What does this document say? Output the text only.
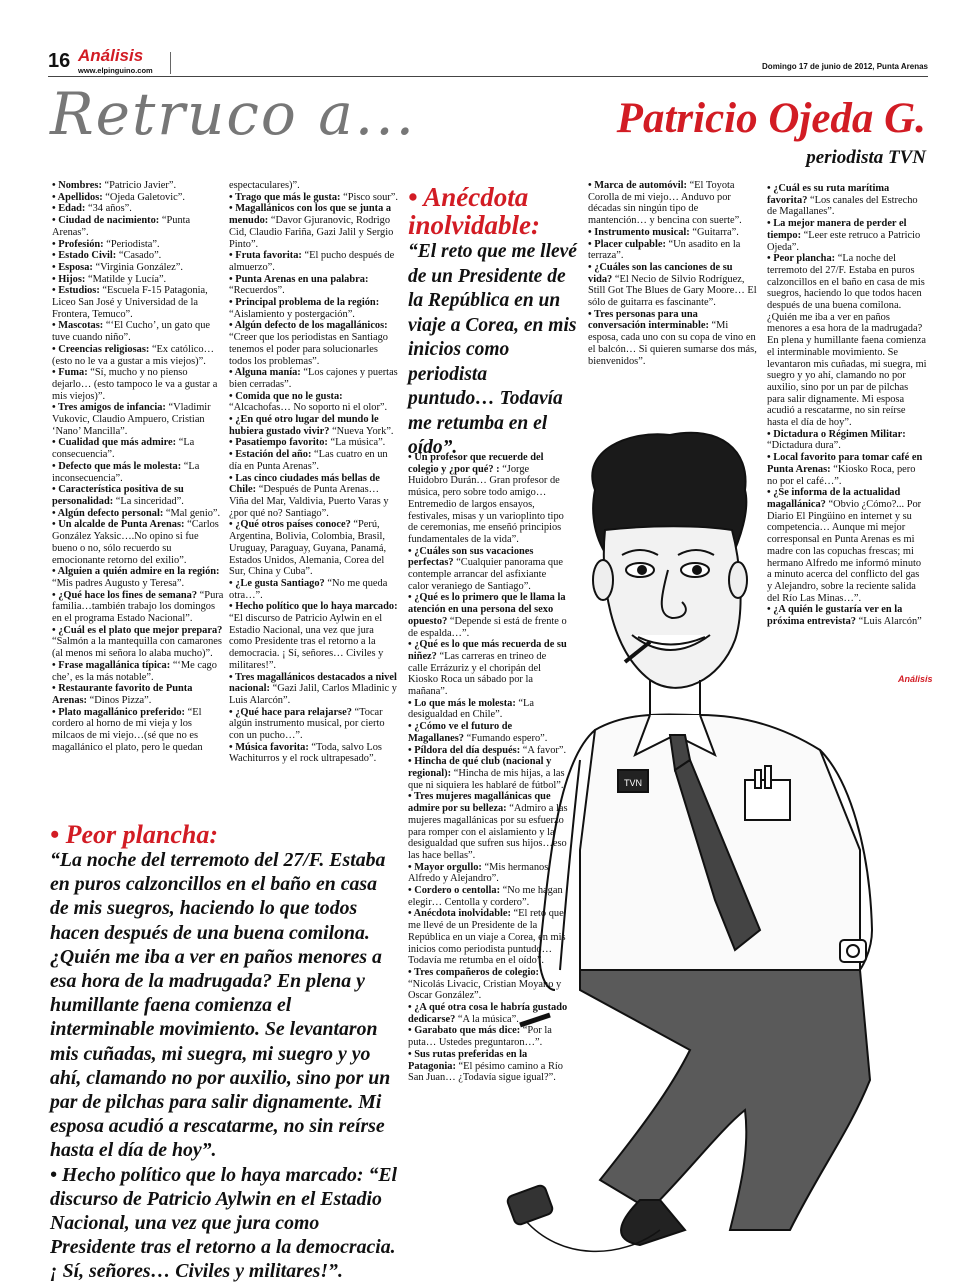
16 Análisis
www.elpinguino.com	Domingo 17 de junio de 2012, Punta Arenas
Retruco a...	Patricio Ojeda G.
periodista TVN

• Nombres: “Patricio Javier”.

• Apellidos: “Ojeda Galetovic”.

• Edad: “34 años”.

• Ciudad de nacimiento: “Punta Arenas”.

• Profesión: “Periodista”.

• Estado Civil: “Casado”.

• Esposa: “Virginia González”.

• Hijos: “Matilde y Lucía”.

• Estudios: “Escuela F-15 Patagonia, Liceo San José y Universidad de la Frontera, Temuco”.

• Mascotas: “‘El Cucho’, un gato que tuve cuando niño”.

• Creencias religiosas: “Ex católico… (esto no le va a gustar a mis viejos)”.

• Fuma: “Sí, mucho y no pienso dejarlo… (esto tampoco le va a gustar a mis viejos)”.

• Tres amigos de infancia: “Vladimir Vukovic, Claudio Ampuero, Cristian ‘Nano’ Mancilla”.

• Cualidad que más admire: “La consecuencia”.

• Defecto que más le molesta: “La inconsecuencia”.

• Característica positiva de su personalidad: “La sinceridad”.

• Algún defecto personal: “Mal genio”.

• Un alcalde de Punta Arenas: “Carlos González Yaksic….No opino si fue bueno o no, sólo recuerdo su emocionante retorno del exilio”.

• Alguien a quién admire en la región: “Mis padres Augusto y Teresa”.

• ¿Qué hace los fines de semana? “Pura familia…también trabajo los domingos en el programa Estado Nacional”.

• ¿Cuál es el plato que mejor prepara? “Salmón a la mantequilla con camarones (al menos mi señora lo alaba mucho)”.

• Frase magallánica típica: “‘Me cago che’, es la más notable”.

• Restaurante favorito de Punta Arenas: “Dinos Pizza”.

• Plato magallánico preferido: “El cordero al horno de mi vieja y los milcaos de mi viejo…(sé que no es magallánico el plato, pero le quedan

espectaculares)”.

• Trago que más le gusta: “Pisco sour”.

• Magallánicos con los que se junta a menudo: “Davor Gjuranovic, Rodrigo Cid, Claudio Fariña, Gazi Jalil y Sergio Pinto”.

• Fruta favorita: “El pucho después de almuerzo”.

• Punta Arenas en una palabra: “Recuerdos”.

• Principal problema de la región: “Aislamiento y postergación”.

• Algún defecto de los magallánicos: “Creer que los periodistas en Santiago tenemos el poder para solucionarles todos los problemas”.

• Alguna manía: “Los cajones y puertas bien cerradas”.

• Comida que no le gusta: “Alcachofas… No soporto ni el olor”.

• ¿En qué otro lugar del mundo le hubiera gustado vivir? “Nueva York”.

• Pasatiempo favorito: “La música”.

• Estación del año: “Las cuatro en un día en Punta Arenas”.

• Las cinco ciudades más bellas de Chile: “Después de Punta Arenas… Viña del Mar, Valdivia, Puerto Varas y ¿por qué no? Santiago”.

• ¿Qué otros países conoce? “Perú, Argentina, Bolivia, Colombia, Brasil, Uruguay, Paraguay, Guyana, Panamá, Estados Unidos, Alemania, Corea del Sur, China y Cuba”.

• ¿Le gusta Santiago? “No me queda otra…”.

• Hecho político que lo haya marcado: “El discurso de Patricio Aylwin en el Estadio Nacional, una vez que jura como Presidente tras el retorno a la democracia. ¡ Sí, señores… Civiles y militares!”.

• Tres magallánicos destacados a nivel nacional: “Gazi Jalil, Carlos Mladinic y Luis Alarcón”.

• ¿Qué hace para relajarse? “Tocar algún instrumento musical, por cierto con un pucho…”.

• Música favorita: “Toda, salvo Los Wachiturros y el rock ultrapesado”.

• Anécdota inolvidable:
“El reto que me llevé de un Presidente de la República en un viaje a Corea, en mis inicios como periodista puntudo… Todavía me retumba en el oído”.

• Un profesor que recuerde del colegio y ¿por qué? : “Jorge Huidobro Durán… Gran profesor de música, pero sobre todo amigo… Entremedio de largos ensayos, festivales, misas y un varioplinto tipo de ceremonias, me enseñó principios fundamentales de la vida”.

• ¿Cuáles son sus vacaciones perfectas? “Cualquier panorama que contemple arrancar del asfixiante calor veraniego de Santiago”.

• ¿Qué es lo primero que le llama la atención en una persona del sexo opuesto? “Depende si está de frente o de espalda…”.

• ¿Qué es lo que más recuerda de su niñez? “Las carreras en trineo de calle Errázuriz y el choripán del Kiosko Roca un sábado por la mañana”.

• Lo que más le molesta: “La desigualdad en Chile”.

• ¿Cómo ve el futuro de Magallanes? “Fumando espero”.

• Píldora del día después: “A favor”.

• Hincha de qué club (nacional y regional): “Hincha de mis hijas, a las que ni siquiera les hablaré de fútbol”.

• Tres mujeres magallánicas que admire por su belleza: “Admiro a las mujeres magallánicas por su esfuerzo para romper con el aislamiento y la desigualdad que sufren sus hijos…eso las hace bellas”.

• Mayor orgullo: “Mis hermanos Alfredo y Alejandro”.

• Cordero o centolla: “No me hagan elegir… Centolla y cordero”.

• Anécdota inolvidable: “El reto que me llevé de un Presidente de la República en un viaje a Corea, en mis inicios como periodista puntudo… Todavía me retumba en el oído”.

• Tres compañeros de colegio: “Nicolás Livacic, Cristian Moyano y Oscar González”.

• ¿A qué otra cosa le habría gustado dedicarse? “A la música”.

• Garabato que más dice: “Por la puta… Ustedes preguntaron…”.

• Sus rutas preferidas en la Patagonia: “El pésimo camino a Río San Juan… ¿Todavía sigue igual?”.

• Marca de automóvil: “El Toyota Corolla de mi viejo… Anduvo por décadas sin ningún tipo de mantención… y bencina con suerte”.

• Instrumento musical: “Guitarra”.

• Placer culpable: “Un asadito en la terraza”.

• ¿Cuáles son las canciones de su vida? “El Necio de Silvio Rodríguez, Still Got The Blues de Gary Moore… El sólo de guitarra es fascinante”.

• Tres personas para una conversación interminable: “Mi esposa, cada uno con su copa de vino en el balcón… Si quieren sumarse dos más, bienvenidos”.

• ¿Cuál es su ruta marítima favorita? “Los canales del Estrecho de Magallanes”.

• La mejor manera de perder el tiempo: “Leer este retruco a Patricio Ojeda”.

• Peor plancha: “La noche del terremoto del 27/F. Estaba en puros calzoncillos en el baño en casa de mis suegros, haciendo lo que todos hacen después de una buena comilona. ¿Quién me iba a ver en paños menores a esa hora de la madrugada? En plena y humillante faena comienza el interminable movimiento. Se levantaron mis cuñadas, mi suegra, mi suegro y yo ahí, clamando no por auxilio, sino por un par de pilchas para salir dignamente. Mi esposa acudió a rescatarme, no sin reírse hasta el día de hoy”.

• Dictadura o Régimen Militar: “Dictadura dura”.

• Local favorito para tomar café en Punta Arenas: “Kiosko Roca, pero no por el café…”.

• ¿Se informa de la actualidad magallánica? “Obvio ¿Cómo?... Por Diario El Pingüino en internet y su competencia… Aunque mi mejor corresponsal en Punta Arenas es mi madre con las copuchas frescas; mi hermano Alfredo me informó minuto a minuto acerca del conflicto del gas y Alejandro, sobre la reciente salida del Río Las Minas…”.

• ¿A quién le gustaría ver en la próxima entrevista? “Luis Alarcón”

Análisis
TVN
• Peor plancha:
“La noche del terremoto del 27/F. Estaba en puros calzoncillos en el baño en casa de mis suegros, haciendo lo que todos hacen después de una buena comilona. ¿Quién me iba a ver en paños menores a esa hora de la madrugada? En plena y humillante faena comienza el interminable movimiento. Se levantaron mis cuñadas, mi suegra, mi suegro y yo ahí, clamando no por auxilio, sino por un par de pilchas para salir dignamente. Mi esposa acudió a rescatarme, no sin reírse hasta el día de hoy”.
• Hecho político que lo haya marcado: “El discurso de Patricio Aylwin en el Estadio Nacional, una vez que jura como Presidente tras el retorno a la democracia. ¡ Sí, señores… Civiles y militares!”.
